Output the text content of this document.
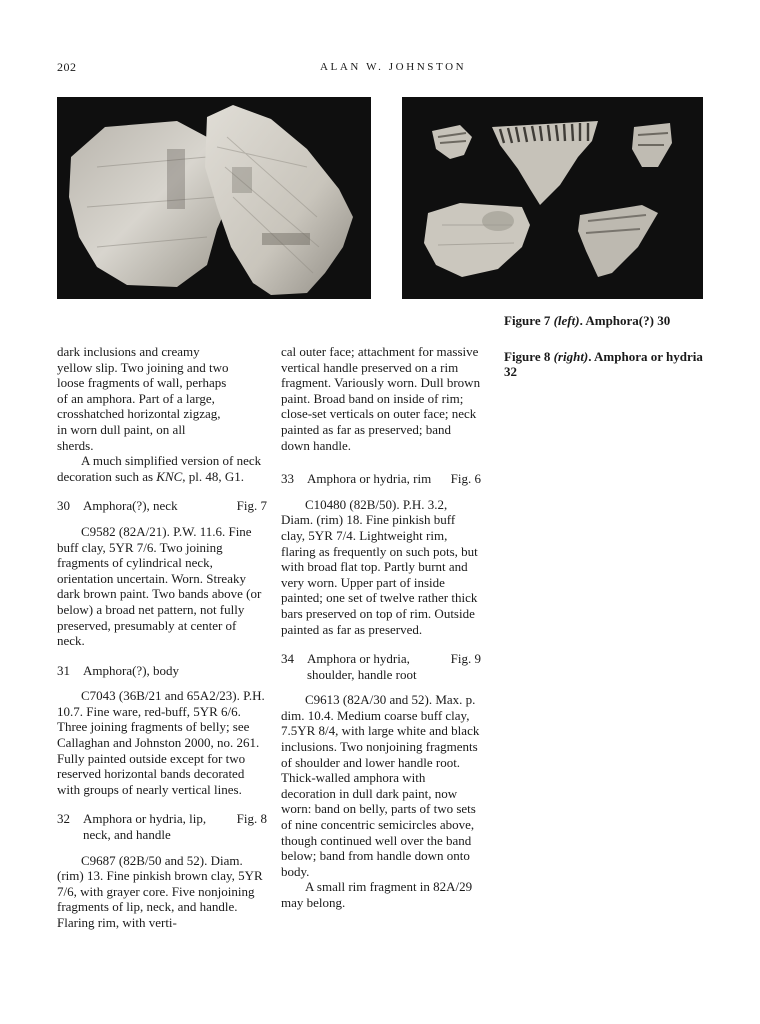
202	ALAN W. JOHNSTON

dark inclusions and creamy

yellow slip. Two joining and two

loose fragments of wall, perhaps

of an amphora. Part of a large,

crosshatched horizontal zigzag,

in worn dull paint, on all

sherds.

A much simplified version of neck decoration such as KNC, pl. 48, G1.

30	Amphora(?), neck	Fig. 7

C9582 (82A/21). P.W. 11.6. Fine buff clay, 5YR 7/6. Two joining fragments of cylindrical neck, orientation uncertain. Worn. Streaky dark brown paint. Two bands above (or below) a broad net pattern, not fully preserved, presumably at center of neck.

31	Amphora(?), body

C7043 (36B/21 and 65A2/23). P.H. 10.7. Fine ware, red-buff, 5YR 6/6. Three joining fragments of belly; see Callaghan and Johnston 2000, no. 261. Fully painted outside except for two reserved horizontal bands decorated with groups of nearly vertical lines.

32	Amphora or hydria, lip, neck, and handle
Fig. 8

C9687 (82B/50 and 52). Diam. (rim) 13. Fine pinkish brown clay, 5YR 7/6, with grayer core. Five nonjoining fragments of lip, neck, and handle. Flaring rim, with verti-

cal outer face; attachment for massive vertical handle preserved on a rim fragment. Variously worn. Dull brown paint. Broad band on inside of rim; close-set verticals on outer face; neck painted as far as preserved; band down handle.

33	Amphora or hydria, rim	Fig. 6

C10480 (82B/50). P.H. 3.2, Diam. (rim) 18. Fine pinkish buff clay, 5YR 7/4. Lightweight rim, flaring as frequently on such pots, but with broad flat top. Partly burnt and very worn. Upper part of inside painted; one set of twelve rather thick bars preserved on top of rim. Outside painted as far as preserved.

34	Amphora or hydria, shoulder, handle root
Fig. 9

C9613 (82A/30 and 52). Max. p. dim. 10.4. Medium coarse buff clay, 7.5YR 8/4, with large white and black inclusions. Two nonjoining fragments of shoulder and lower handle root. Thick-walled amphora with decoration in dull dark paint, now worn: band on belly, parts of two sets of nine concentric semicircles above, though continued well over the band below; band from handle down onto body.

A small rim fragment in 82A/29 may belong.

Figure 7 (left). Amphora(?) 30

Figure 8 (right). Amphora or hydria 32
